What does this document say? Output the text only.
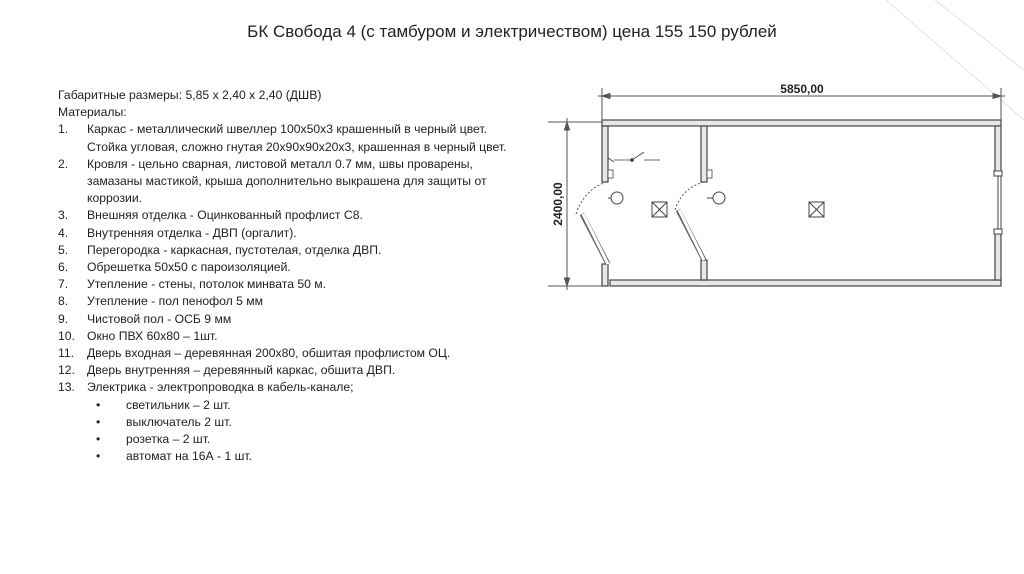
БК Свобода 4 (с тамбуром и электричеством) цена 155 150 рублей

Габаритные размеры: 5,85 х 2,40 х 2,40 (ДШВ)

Материалы:

1. Каркас - металлический швеллер 100х50х3 крашенный в черный цвет. Стойка угловая, сложно гнутая 20х90х90х20х3, крашенная в черный цвет.
2. Кровля - цельно сварная, листовой металл 0.7 мм, швы проварены, замазаны мастикой, крыша дополнительно выкрашена для защиты от коррозии.
3. Внешняя отделка - Оцинкованный профлист С8.
4. Внутренняя отделка - ДВП (оргалит).
5. Перегородка - каркасная, пустотелая, отделка ДВП.
6. Обрешетка 50х50 с пароизоляцией.
7. Утепление - стены, потолок минвата 50 м.
8. Утепление - пол пенофол 5 мм
9. Чистовой пол - ОСБ 9 мм
10. Окно ПВХ 60х80 – 1шт.
11. Дверь входная – деревянная 200х80, обшитая профлистом ОЦ.
12. Дверь внутренняя – деревянный каркас, обшита ДВП.
13. Электрика - электропроводка в кабель-канале;
• светильник – 2 шт.
• выключатель 2 шт.
• розетка – 2 шт.
• автомат на 16А - 1 шт.
5850,00
2400,00
